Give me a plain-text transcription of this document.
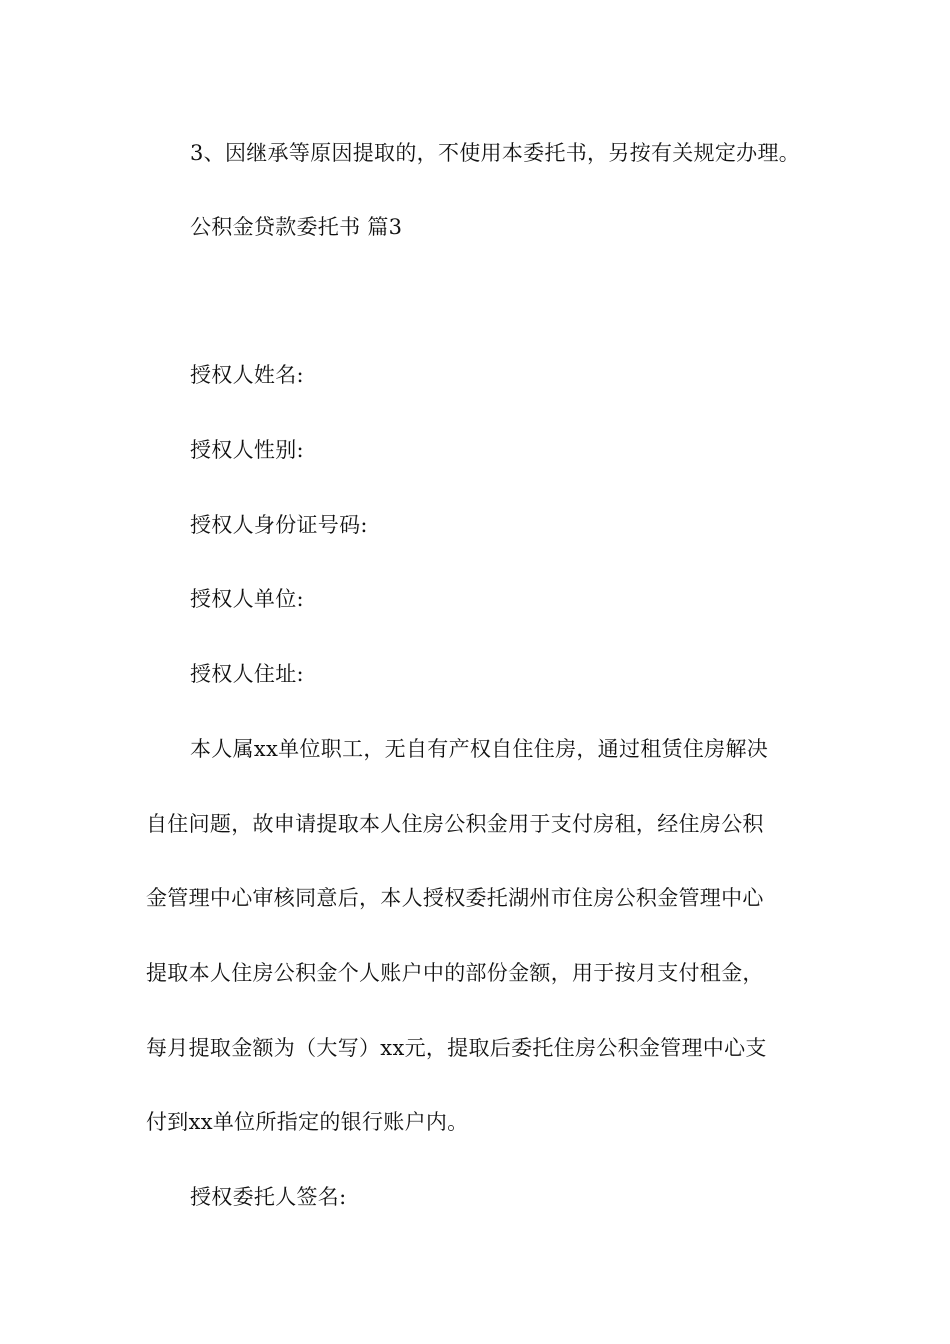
3、因继承等原因提取的，不使用本委托书，另按有关规定办理。
公积金贷款委托书 篇3
授权人姓名:
授权人性别:
授权人身份证号码:
授权人单位:
授权人住址:
本人属xx单位职工，无自有产权自住住房，通过租赁住房解决
自住问题，故申请提取本人住房公积金用于支付房租，经住房公积
金管理中心审核同意后，本人授权委托湖州市住房公积金管理中心
提取本人住房公积金个人账户中的部份金额，用于按月支付租金，
每月提取金额为（大写）xx元，提取后委托住房公积金管理中心支
付到xx单位所指定的银行账户内。
授权委托人签名:
